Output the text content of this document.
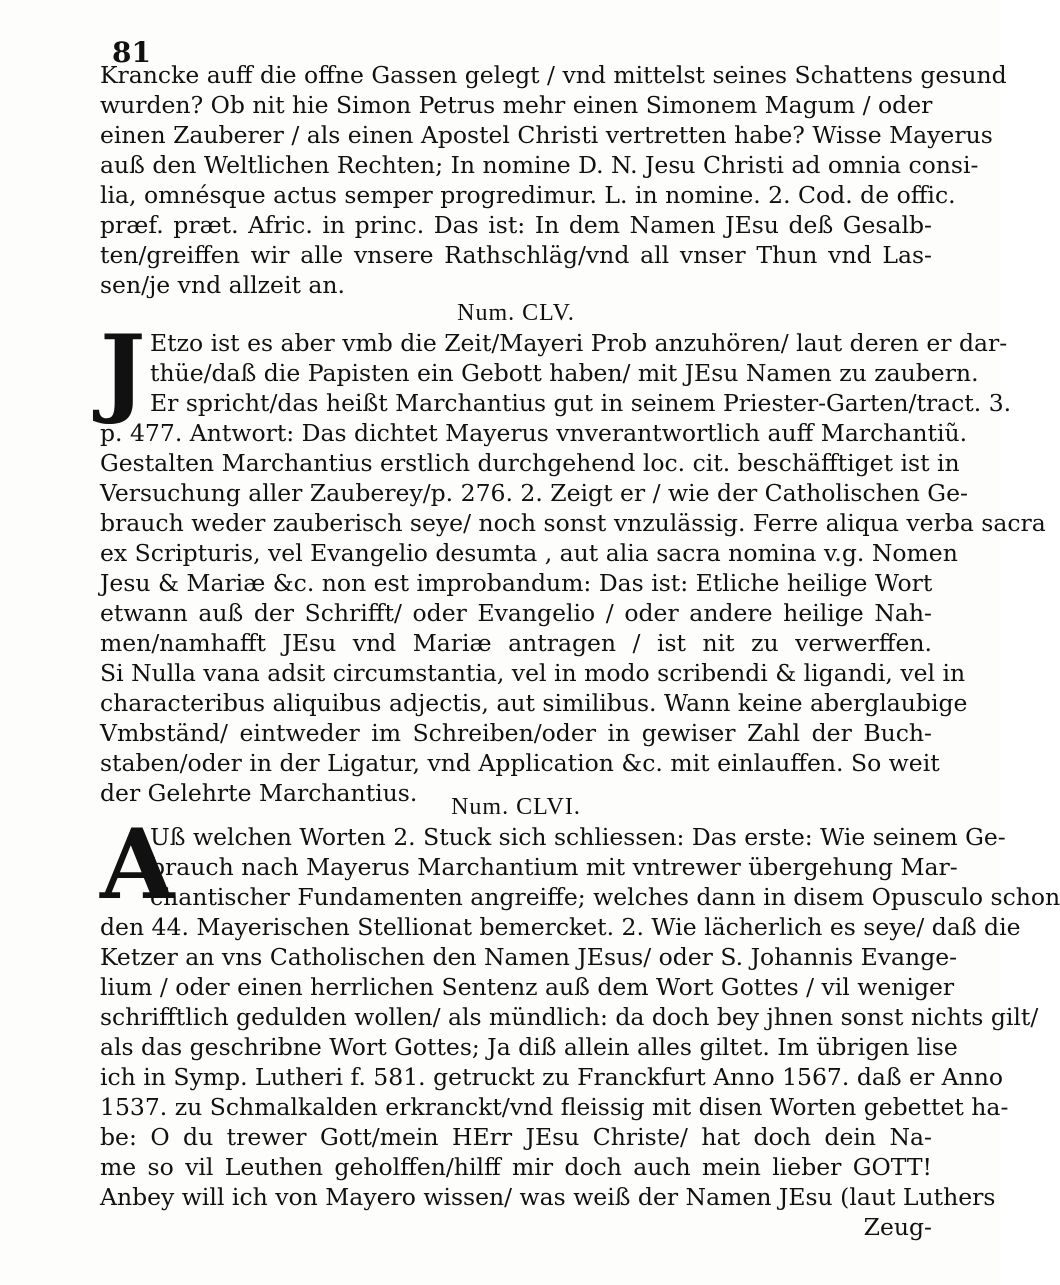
81
Krancke auff die offne Gassen gelegt / vnd mittelst seines Schattens gesund
wurden? Ob nit hie Simon Petrus mehr einen Simonem Magum / oder
einen Zauberer / als einen Apostel Christi vertretten habe? Wisse Mayerus
auß den Weltlichen Rechten; In nomine D. N. Jesu Christi ad omnia consi-
lia, omnésque actus semper progredimur. L. in nomine. 2. Cod. de offic.
præf. præt. Afric. in princ. Das ist: In dem Namen JEsu deß Gesalb-
ten/greiffen wir alle vnsere Rathschläg/vnd all vnser Thun vnd Las-
sen/je vnd allzeit an.
Num. CLV.
J Etzo ist es aber vmb die Zeit/Mayeri Prob anzuhören/ laut deren er dar-
thüe/daß die Papisten ein Gebott haben/ mit JEsu Namen zu zaubern.
Er spricht/das heißt Marchantius gut in seinem Priester-Garten/tract. 3.
p. 477. Antwort: Das dichtet Mayerus vnverantwortlich auff Marchantiũ.
Gestalten Marchantius erstlich durchgehend loc. cit. beschäfftiget ist in
Versuchung aller Zauberey/p. 276. 2. Zeigt er / wie der Catholischen Ge-
brauch weder zauberisch seye/ noch sonst vnzulässig. Ferre aliqua verba sacra
ex Scripturis, vel Evangelio desumta , aut alia sacra nomina v.g. Nomen
Jesu & Mariæ &c. non est improbandum: Das ist: Etliche heilige Wort
etwann auß der Schrifft/ oder Evangelio / oder andere heilige Nah-
men/namhafft JEsu vnd Mariæ antragen / ist nit zu verwerffen.
Si Nulla vana adsit circumstantia, vel in modo scribendi & ligandi, vel in
characteribus aliquibus adjectis, aut similibus. Wann keine aberglaubige
Vmbständ/ eintweder im Schreiben/oder in gewiser Zahl der Buch-
staben/oder in der Ligatur, vnd Application &c. mit einlauffen. So weit
der Gelehrte Marchantius.	Num. CLVI.
A
Uß welchen Worten 2. Stuck sich schliessen: Das erste: Wie seinem Ge-
brauch nach Mayerus Marchantium mit vntrewer übergehung Mar-
chantischer Fundamenten angreiffe; welches dann in disem Opusculo schon
den 44. Mayerischen Stellionat bemercket. 2. Wie lächerlich es seye/ daß die
Ketzer an vns Catholischen den Namen JEsus/ oder S. Johannis Evange-
lium / oder einen herrlichen Sentenz auß dem Wort Gottes / vil weniger
schrifftlich gedulden wollen/ als mündlich: da doch bey jhnen sonst nichts gilt/
als das geschribne Wort Gottes; Ja diß allein alles giltet. Im übrigen lise
ich in Symp. Lutheri f. 581. getruckt zu Franckfurt Anno 1567. daß er Anno
1537. zu Schmalkalden erkranckt/vnd fleissig mit disen Worten gebettet ha-
be: O du trewer Gott/mein HErr JEsu Christe/ hat doch dein Na-
me so vil Leuthen geholffen/hilff mir doch auch mein lieber GOTT!
Anbey will ich von Mayero wissen/ was weiß der Namen JEsu (laut Luthers
Zeug-
